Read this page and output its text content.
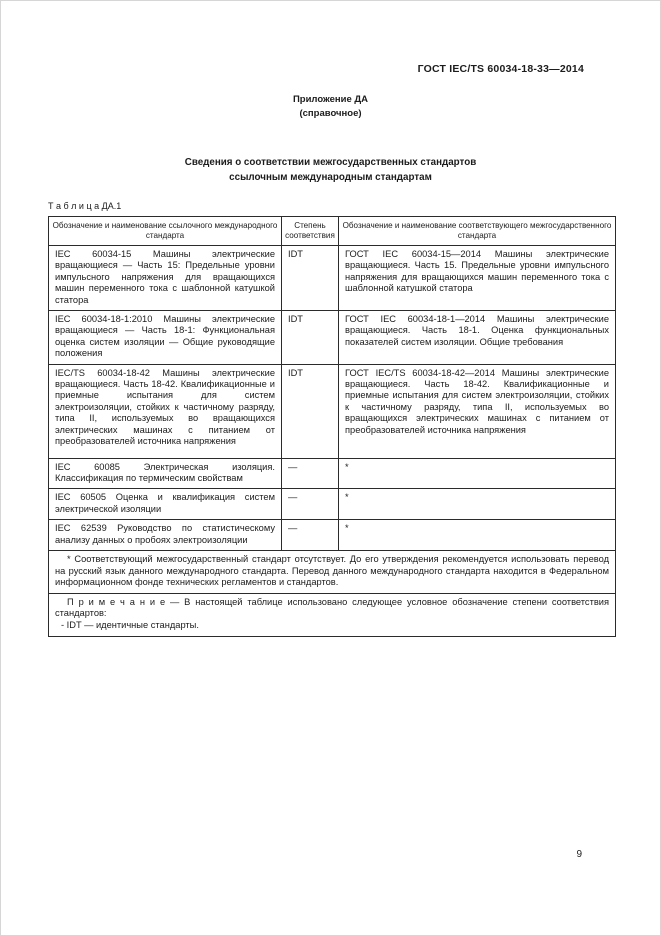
ГОСТ IEC/TS 60034-18-33—2014
Приложение ДА
(справочное)
Сведения о соответствии межгосударственных стандартов
ссылочным международным стандартам
Т а б л и ц а ДА.1
Обозначение и наименование ссылочного международного стандарта	Степень соответствия	Обозначение и наименование соответствующего межгосударственного стандарта
IEC 60034-15 Машины электрические вращающиеся — Часть 15: Предельные уровни импульсного напряжения для вращающихся машин переменного тока с шаблонной катушкой статора	IDT	ГОСТ IEC 60034-15—2014 Машины электрические вращающиеся. Часть 15. Предельные уровни импульсного напряжения для вращающихся машин переменного тока с шаблонной катушкой статора
IEC 60034-18-1:2010 Машины электрические вращающиеся — Часть 18-1: Функциональная оценка систем изоляции — Общие руководящие положения	IDT	ГОСТ IEC 60034-18-1—2014 Машины электрические вращающиеся. Часть 18-1. Оценка функциональных показателей систем изоляции. Общие требования
IEC/TS 60034-18-42 Машины электрические вращающиеся. Часть 18-42. Квалификационные и приемные испытания для систем электроизоляции, стойких к частичному разряду, типа II, используемых во вращающихся электрических машинах с питанием от преобразователей источника напряжения	IDT	ГОСТ IEC/TS 60034-18-42—2014 Машины электрические вращающиеся. Часть 18-42. Квалификационные и приемные испытания для систем электроизоляции, стойких к частичному разряду, типа II, используемых во вращающихся электрических машинах с питанием от преобразователей источника напряжения
IEC 60085 Электрическая изоляция. Классификация по термическим свойствам	—	*
IEC 60505 Оценка и квалификация систем электрической изоляции	—	*
IEC 62539 Руководство по статистическому анализу данных о пробоях электроизоляции	—	*

* Соответствующий межгосударственный стандарт отсутствует. До его утверждения рекомендуется использовать перевод на русский язык данного международного стандарта. Перевод данного международного стандарта находится в Федеральном информационном фонде технических регламентов и стандартов.		

П р и м е ч а н и е — В настоящей таблице использовано следующее условное обозначение степени соответствия стандартов:

- IDT — идентичные стандарты.		

9
